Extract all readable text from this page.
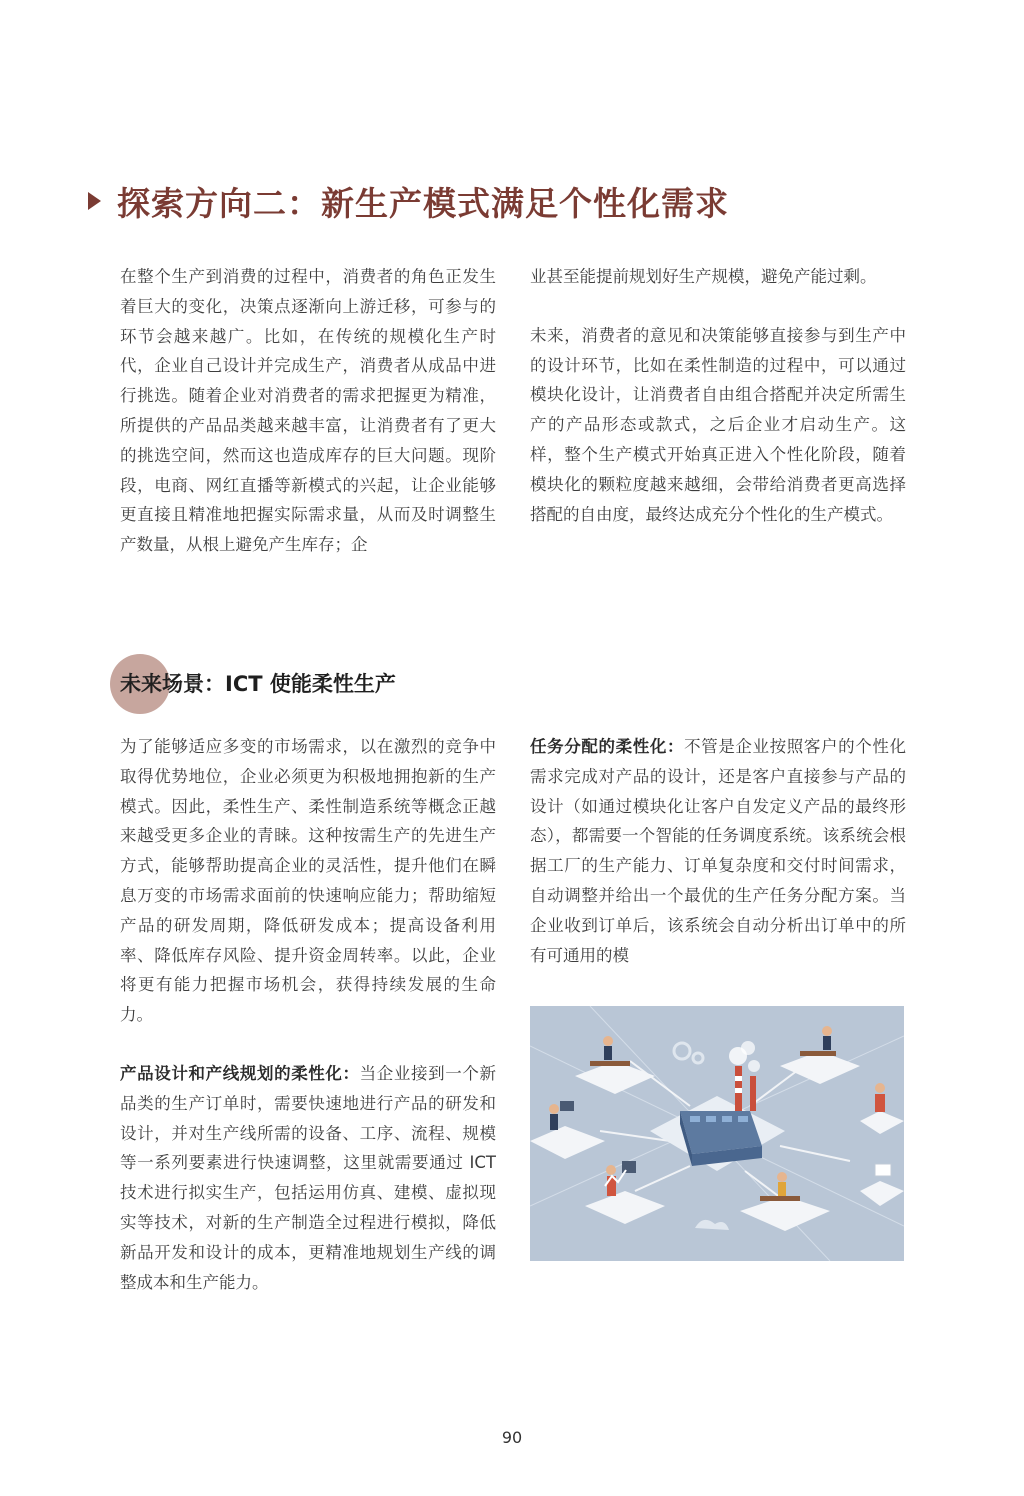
探索方向二：新生产模式满足个性化需求

在整个生产到消费的过程中，消费者的角色正发生着巨大的变化，决策点逐渐向上游迁移，可参与的环节会越来越广。比如，在传统的规模化生产时代，企业自己设计并完成生产，消费者从成品中进行挑选。随着企业对消费者的需求把握更为精准，所提供的产品品类越来越丰富，让消费者有了更大的挑选空间，然而这也造成库存的巨大问题。现阶段，电商、网红直播等新模式的兴起，让企业能够更直接且精准地把握实际需求量，从而及时调整生产数量，从根上避免产生库存；企

业甚至能提前规划好生产规模，避免产能过剩。

未来，消费者的意见和决策能够直接参与到生产中的设计环节，比如在柔性制造的过程中，可以通过模块化设计，让消费者自由组合搭配并决定所需生产的产品形态或款式，之后企业才启动生产。这样，整个生产模式开始真正进入个性化阶段，随着模块化的颗粒度越来越细，会带给消费者更高选择搭配的自由度，最终达成充分个性化的生产模式。

未来场景：ICT 使能柔性生产

为了能够适应多变的市场需求，以在激烈的竞争中取得优势地位，企业必须更为积极地拥抱新的生产模式。因此，柔性生产、柔性制造系统等概念正越来越受更多企业的青睐。这种按需生产的先进生产方式，能够帮助提高企业的灵活性，提升他们在瞬息万变的市场需求面前的快速响应能力；帮助缩短产品的研发周期，降低研发成本；提高设备利用率、降低库存风险、提升资金周转率。以此，企业将更有能力把握市场机会，获得持续发展的生命力。

产品设计和产线规划的柔性化：当企业接到一个新品类的生产订单时，需要快速地进行产品的研发和设计，并对生产线所需的设备、工序、流程、规模等一系列要素进行快速调整，这里就需要通过 ICT 技术进行拟实生产，包括运用仿真、建模、虚拟现实等技术，对新的生产制造全过程进行模拟，降低新品开发和设计的成本，更精准地规划生产线的调整成本和生产能力。

任务分配的柔性化：不管是企业按照客户的个性化需求完成对产品的设计，还是客户直接参与产品的设计（如通过模块化让客户自发定义产品的最终形态），都需要一个智能的任务调度系统。该系统会根据工厂的生产能力、订单复杂度和交付时间需求，自动调整并给出一个最优的生产任务分配方案。当企业收到订单后，该系统会自动分析出订单中的所有可通用的模

90
